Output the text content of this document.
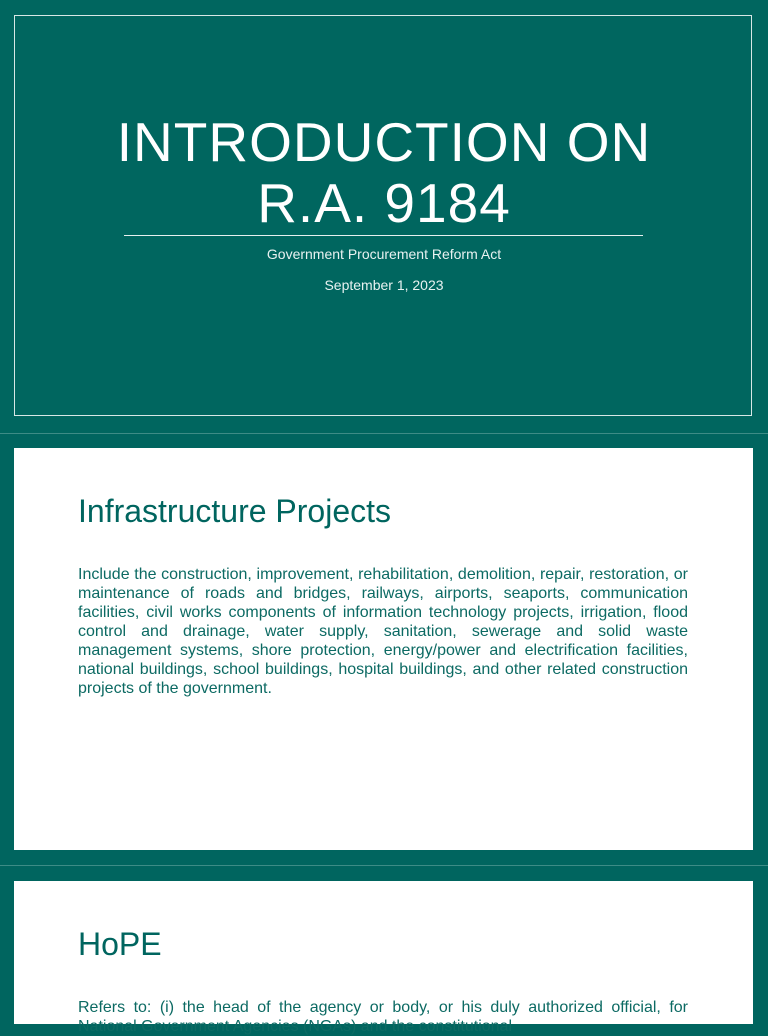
INTRODUCTION ON
R.A. 9184
Government Procurement Reform Act
September 1, 2023
Infrastructure Projects

Include the construction, improvement, rehabilitation, demolition, repair, restoration, or maintenance of roads and bridges, railways, airports, seaports, communication facilities, civil works components of information technology projects, irrigation, flood control and drainage, water supply, sanitation, sewerage and solid waste management systems, shore protection, energy/power and electrification facilities, national buildings, school buildings, hospital buildings, and other related construction projects of the government.

HoPE

Refers to: (i) the head of the agency or body, or his duly authorized official, for National Government Agencies (NGAs) and the constitutional
